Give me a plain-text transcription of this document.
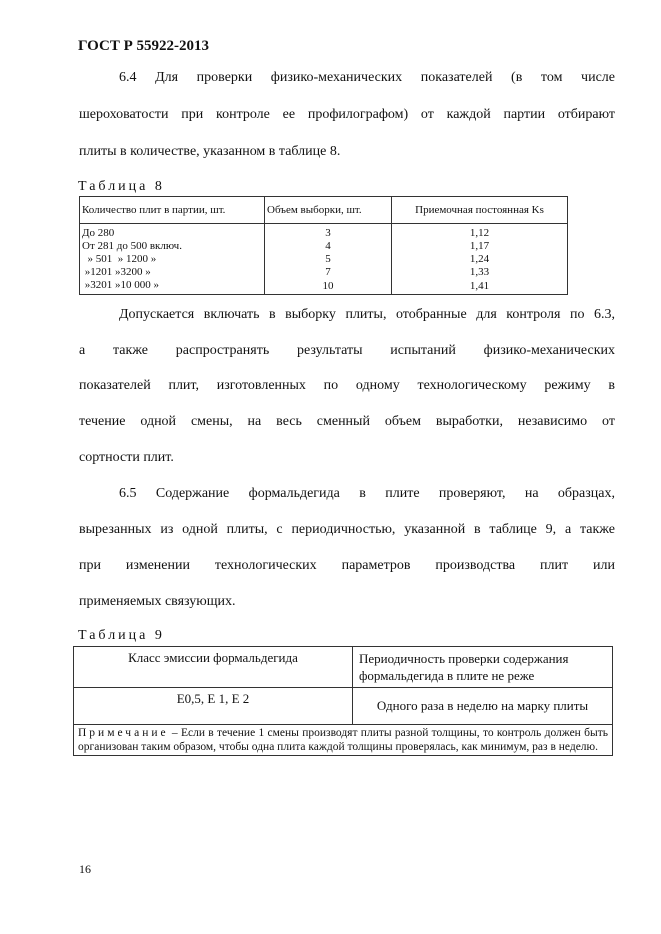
ГОСТ Р 55922-2013
6.4 Для проверки физико-механических показателей (в том числе
шероховатости при контроле ее профилографом) от каждой партии отбирают
плиты в количестве, указанном в таблице 8.
Таблица 8
Количество плит в партии, шт.	Объем выборки, шт.	Приемочная постоянная Ks
До 280	3	1,12
От 281 до 500 включ.	4	1,17
» 501  » 1200 »	5	1,24
»1201 »3200 »	7	1,33
»3201 »10 000 »	10	1,41
Допускается включать в выборку плиты, отобранные для контроля по 6.3,
а также распространять результаты испытаний физико-механических
показателей плит, изготовленных по одному технологическому режиму в
течение одной смены, на весь сменный объем выработки, независимо от
сортности плит.
6.5 Содержание формальдегида в плите проверяют, на образцах,
вырезанных из одной плиты, с периодичностью, указанной в таблице 9, а также
при изменении технологических параметров производства плит или
применяемых связующих.
Таблица 9
Класс эмиссии формальдегида	Периодичность проверки содержания формальдегида в плите не реже
E0,5, E 1, E 2	Одного раза в неделю на марку плиты
Примечание – Если в течение 1 смены производят плиты разной толщины, то контроль должен быть организован таким образом, чтобы одна плита каждой толщины проверялась, как минимум, раз в неделю.	
16
